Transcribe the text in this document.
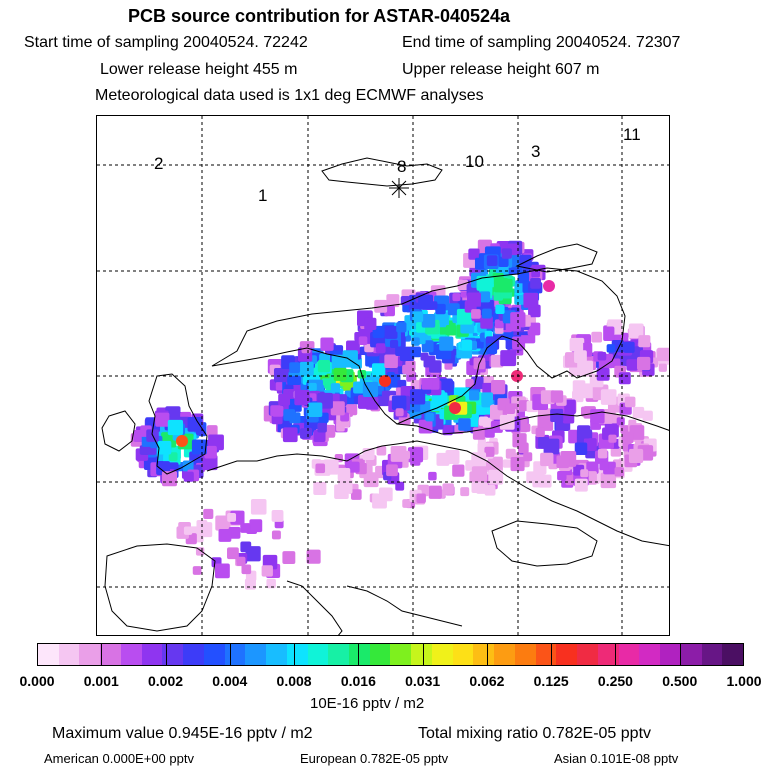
PCB source contribution for ASTAR-040524a
Start time of sampling 20040524. 72242	End time of sampling 20040524. 72307
Lower release height 455 m	Upper release height 607 m
Meteorological data used is 1x1 deg ECMWF analyses
2
1
8	10
3
11
0.000 0.001 0.002 0.004 0.008 0.016 0.031 0.062 0.125 0.250 0.500 1.000
10E-16 pptv / m2
Maximum value 0.945E-16 pptv / m2	Total mixing ratio 0.782E-05 pptv
American 0.000E+00 pptv	European 0.782E-05 pptv	Asian 0.101E-08 pptv
